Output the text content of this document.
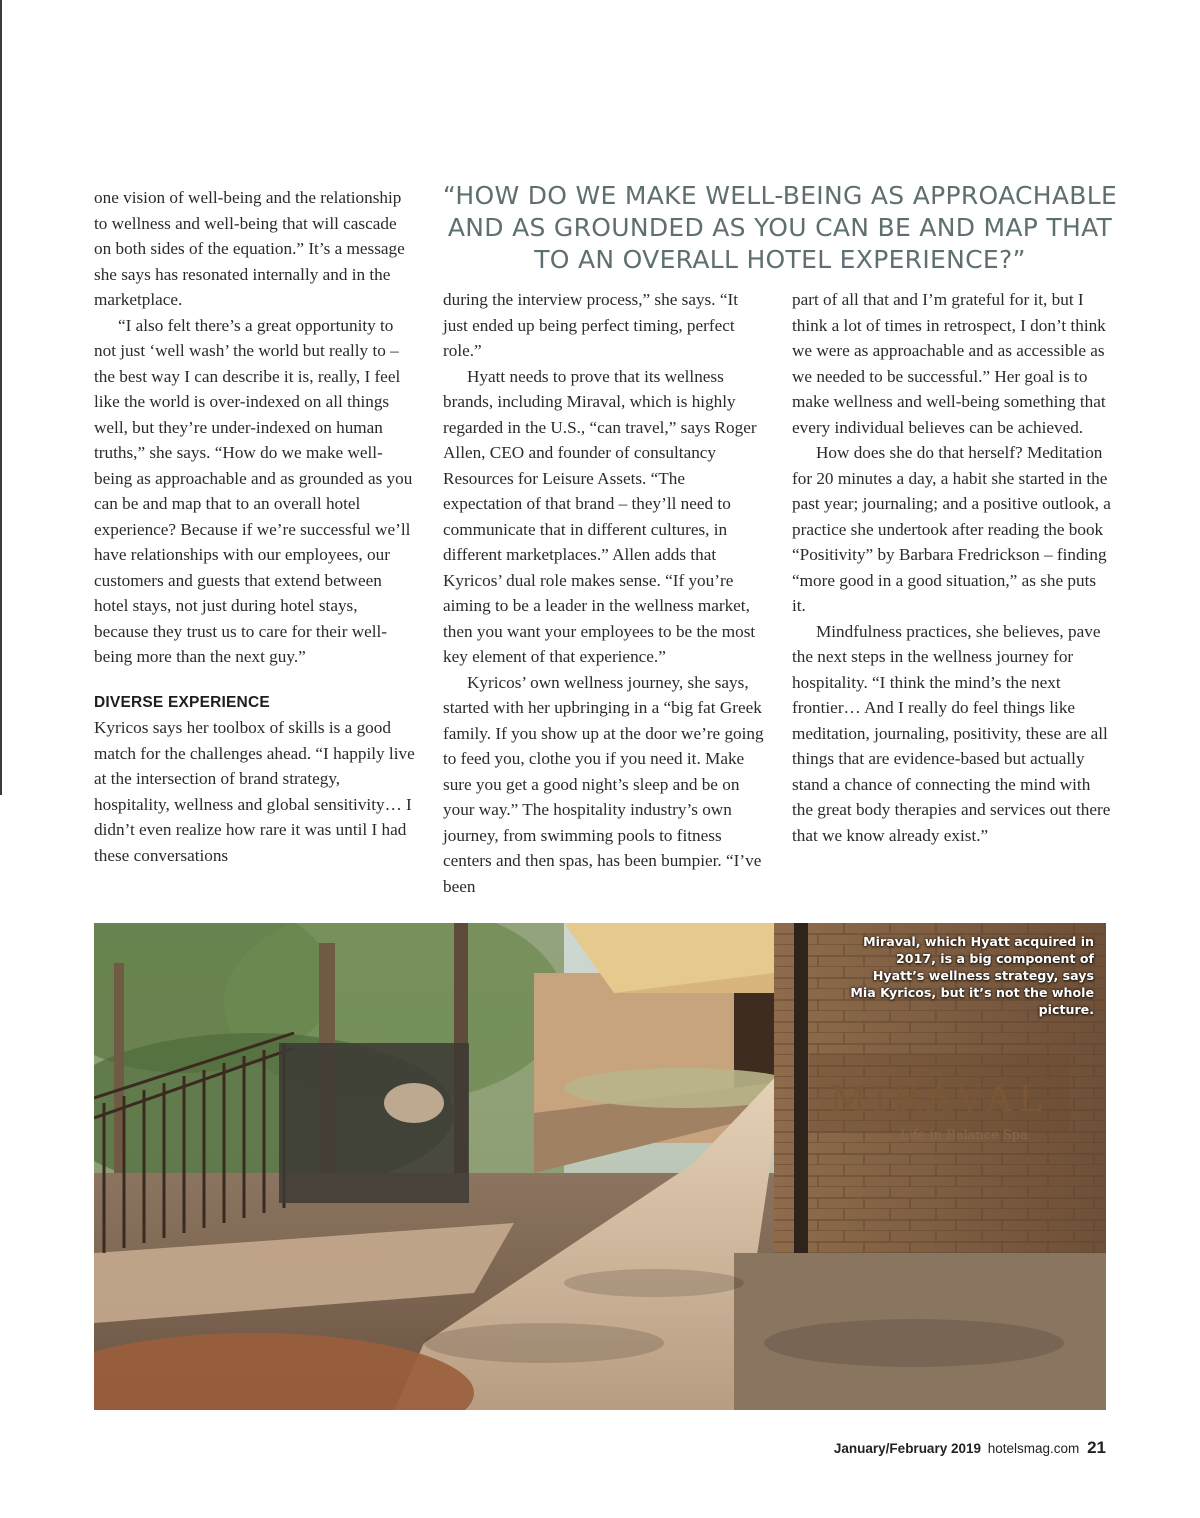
“HOW DO WE MAKE WELL-BEING AS APPROACHABLE AND AS GROUNDED AS YOU CAN BE AND MAP THAT TO AN OVERALL HOTEL EXPERIENCE?”

one vision of well-being and the relationship to wellness and well-being that will cascade on both sides of the equation.” It’s a message she says has resonated internally and in the marketplace.

“I also felt there’s a great opportunity to not just ‘well wash’ the world but really to – the best way I can describe it is, really, I feel like the world is over-indexed on all things well, but they’re under-indexed on human truths,” she says. “How do we make well-being as approachable and as grounded as you can be and map that to an overall hotel experience? Because if we’re successful we’ll have relationships with our employees, our customers and guests that extend between hotel stays, not just during hotel stays, because they trust us to care for their well-being more than the next guy.”

DIVERSE EXPERIENCE

Kyricos says her toolbox of skills is a good match for the challenges ahead. “I happily live at the intersection of brand strategy, hospitality, wellness and global sensitivity… I didn’t even realize how rare it was until I had these conversations

during the interview process,” she says. “It just ended up being perfect timing, perfect role.”

Hyatt needs to prove that its wellness brands, including Miraval, which is highly regarded in the U.S., “can travel,” says Roger Allen, CEO and founder of consultancy Resources for Leisure Assets. “The expectation of that brand – they’ll need to communicate that in different cultures, in different marketplaces.” Allen adds that Kyricos’ dual role makes sense. “If you’re aiming to be a leader in the wellness market, then you want your employees to be the most key element of that experience.”

Kyricos’ own wellness journey, she says, started with her upbringing in a “big fat Greek family. If you show up at the door we’re going to feed you, clothe you if you need it. Make sure you get a good night’s sleep and be on your way.” The hospitality industry’s own journey, from swimming pools to fitness centers and then spas, has been bumpier. “I’ve been

part of all that and I’m grateful for it, but I think a lot of times in retrospect, I don’t think we were as approachable and as accessible as we needed to be successful.” Her goal is to make wellness and well-being something that every individual believes can be achieved.

How does she do that herself? Meditation for 20 minutes a day, a habit she started in the past year; journaling; and a positive outlook, a practice she undertook after reading the book “Positivity” by Barbara Fredrickson – finding “more good in a good situation,” as she puts it.

Mindfulness practices, she believes, pave the next steps in the wellness journey for hospitality. “I think the mind’s the next frontier… And I really do feel things like meditation, journaling, positivity, these are all things that are evidence-based but actually stand a chance of connecting the mind with the great body therapies and services out there that we know already exist.”

MIRAVAL
Life in Balance Spa
Miraval, which Hyatt acquired in 2017, is a big component of Hyatt’s wellness strategy, says Mia Kyricos, but it’s not the whole picture.
January/February 2019 hotelsmag.com 21
